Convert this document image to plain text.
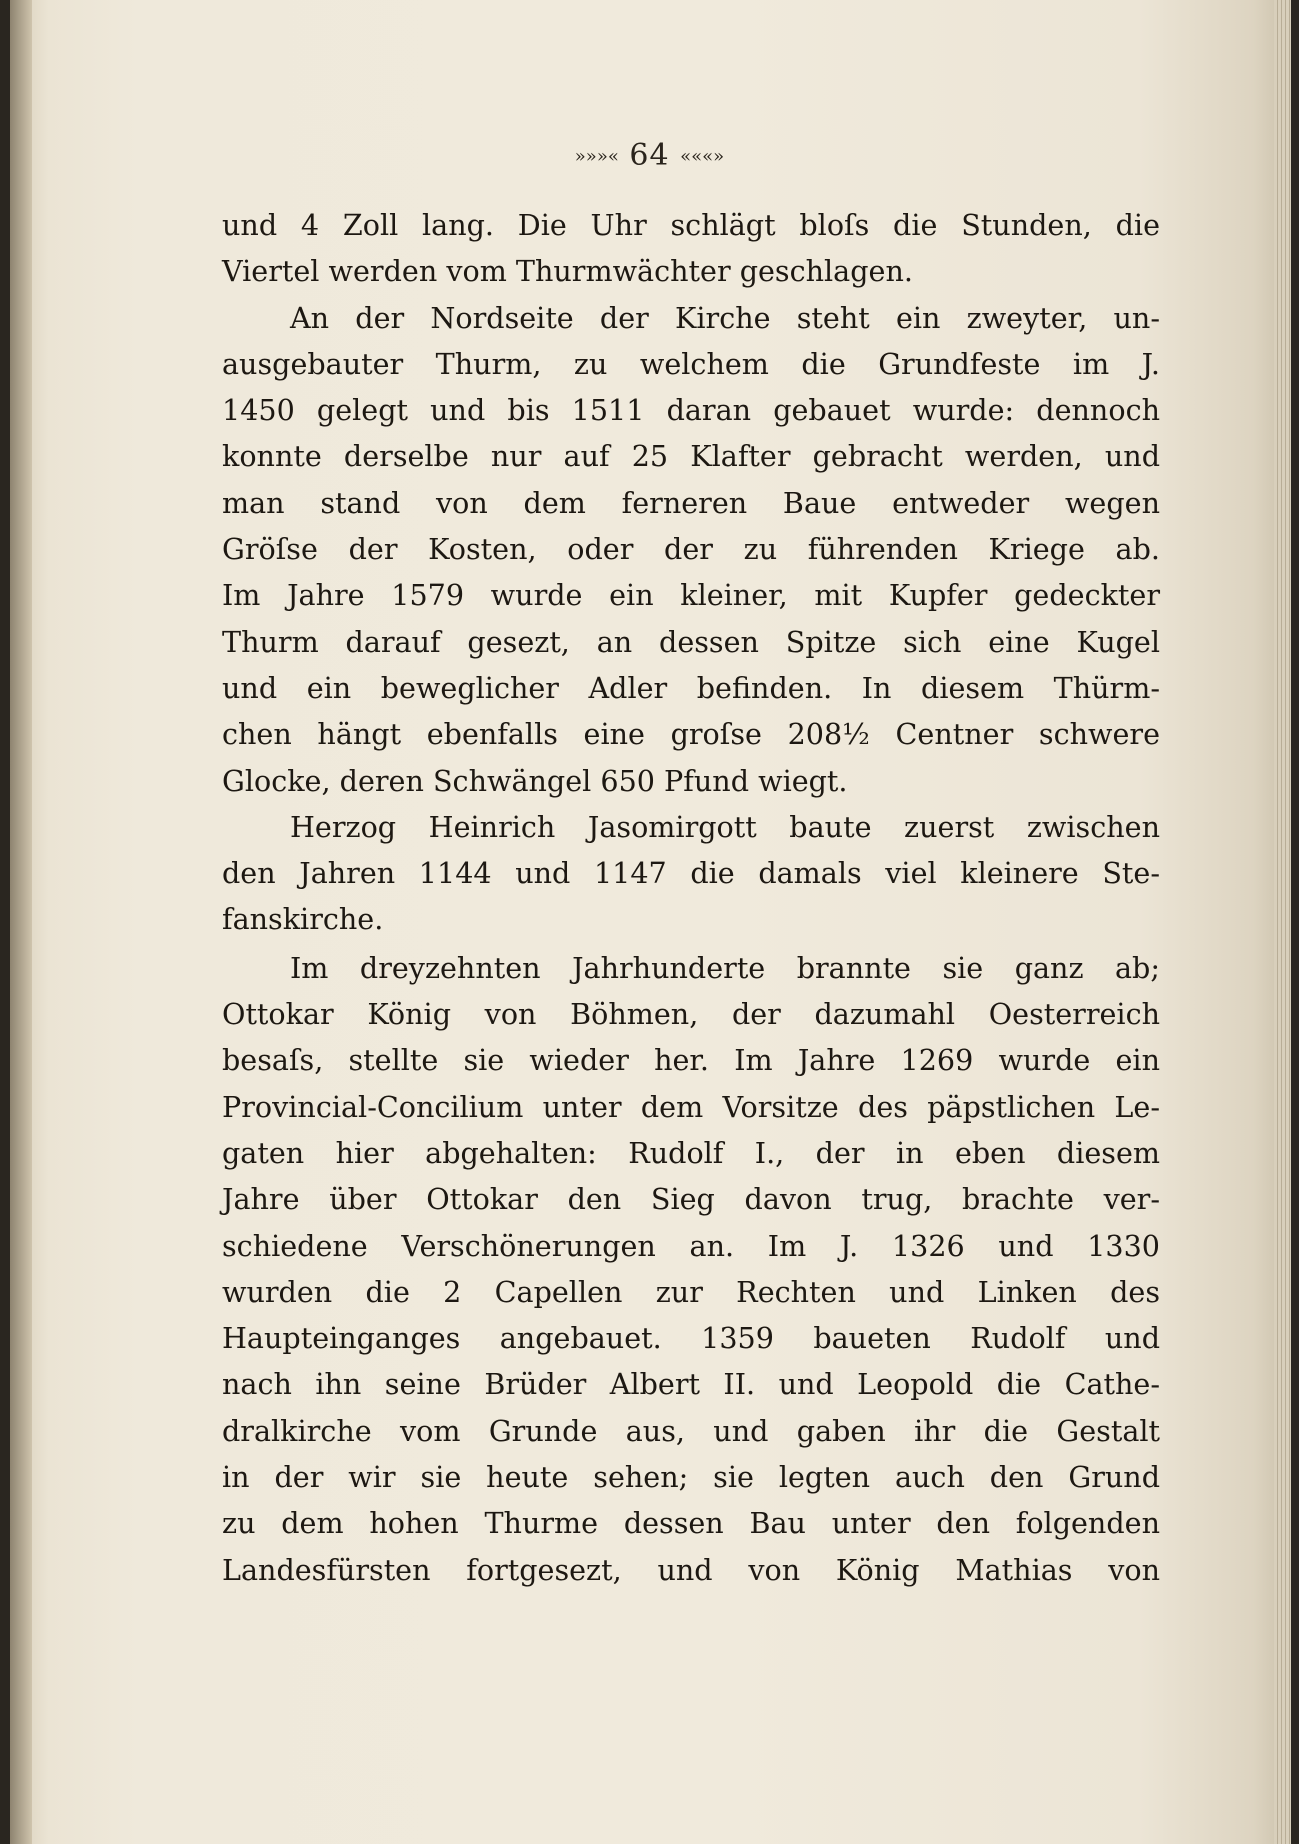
»»»« 64 «««»
und 4 Zoll lang. Die Uhr schlägt bloſs die Stunden, die
Viertel werden vom Thurmwächter geschlagen.
An der Nordseite der Kirche steht ein zweyter, un-
ausgebauter Thurm, zu welchem die Grundfeste im J.
1450 gelegt und bis 1511 daran gebauet wurde: dennoch
konnte derselbe nur auf 25 Klafter gebracht werden, und
man stand von dem ferneren Baue entweder wegen
Gröſse der Kosten, oder der zu führenden Kriege ab.
Im Jahre 1579 wurde ein kleiner, mit Kupfer gedeckter
Thurm darauf gesezt, an dessen Spitze sich eine Kugel
und ein beweglicher Adler befinden. In diesem Thürm-
chen hängt ebenfalls eine groſse 208½ Centner schwere
Glocke, deren Schwängel 650 Pfund wiegt.
Herzog Heinrich Jasomirgott baute zuerst zwischen
den Jahren 1144 und 1147 die damals viel kleinere Ste-
fanskirche.
Im dreyzehnten Jahrhunderte brannte sie ganz ab;
Ottokar König von Böhmen, der dazumahl Oesterreich
besaſs, stellte sie wieder her. Im Jahre 1269 wurde ein
Provincial-Concilium unter dem Vorsitze des päpstlichen Le-
gaten hier abgehalten: Rudolf I., der in eben diesem
Jahre über Ottokar den Sieg davon trug, brachte ver-
schiedene Verschönerungen an. Im J. 1326 und 1330
wurden die 2 Capellen zur Rechten und Linken des
Haupteinganges angebauet. 1359 baueten Rudolf und
nach ihn seine Brüder Albert II. und Leopold die Cathe-
dralkirche vom Grunde aus, und gaben ihr die Gestalt
in der wir sie heute sehen; sie legten auch den Grund
zu dem hohen Thurme dessen Bau unter den folgenden
Landesfürsten fortgesezt, und von König Mathias von
